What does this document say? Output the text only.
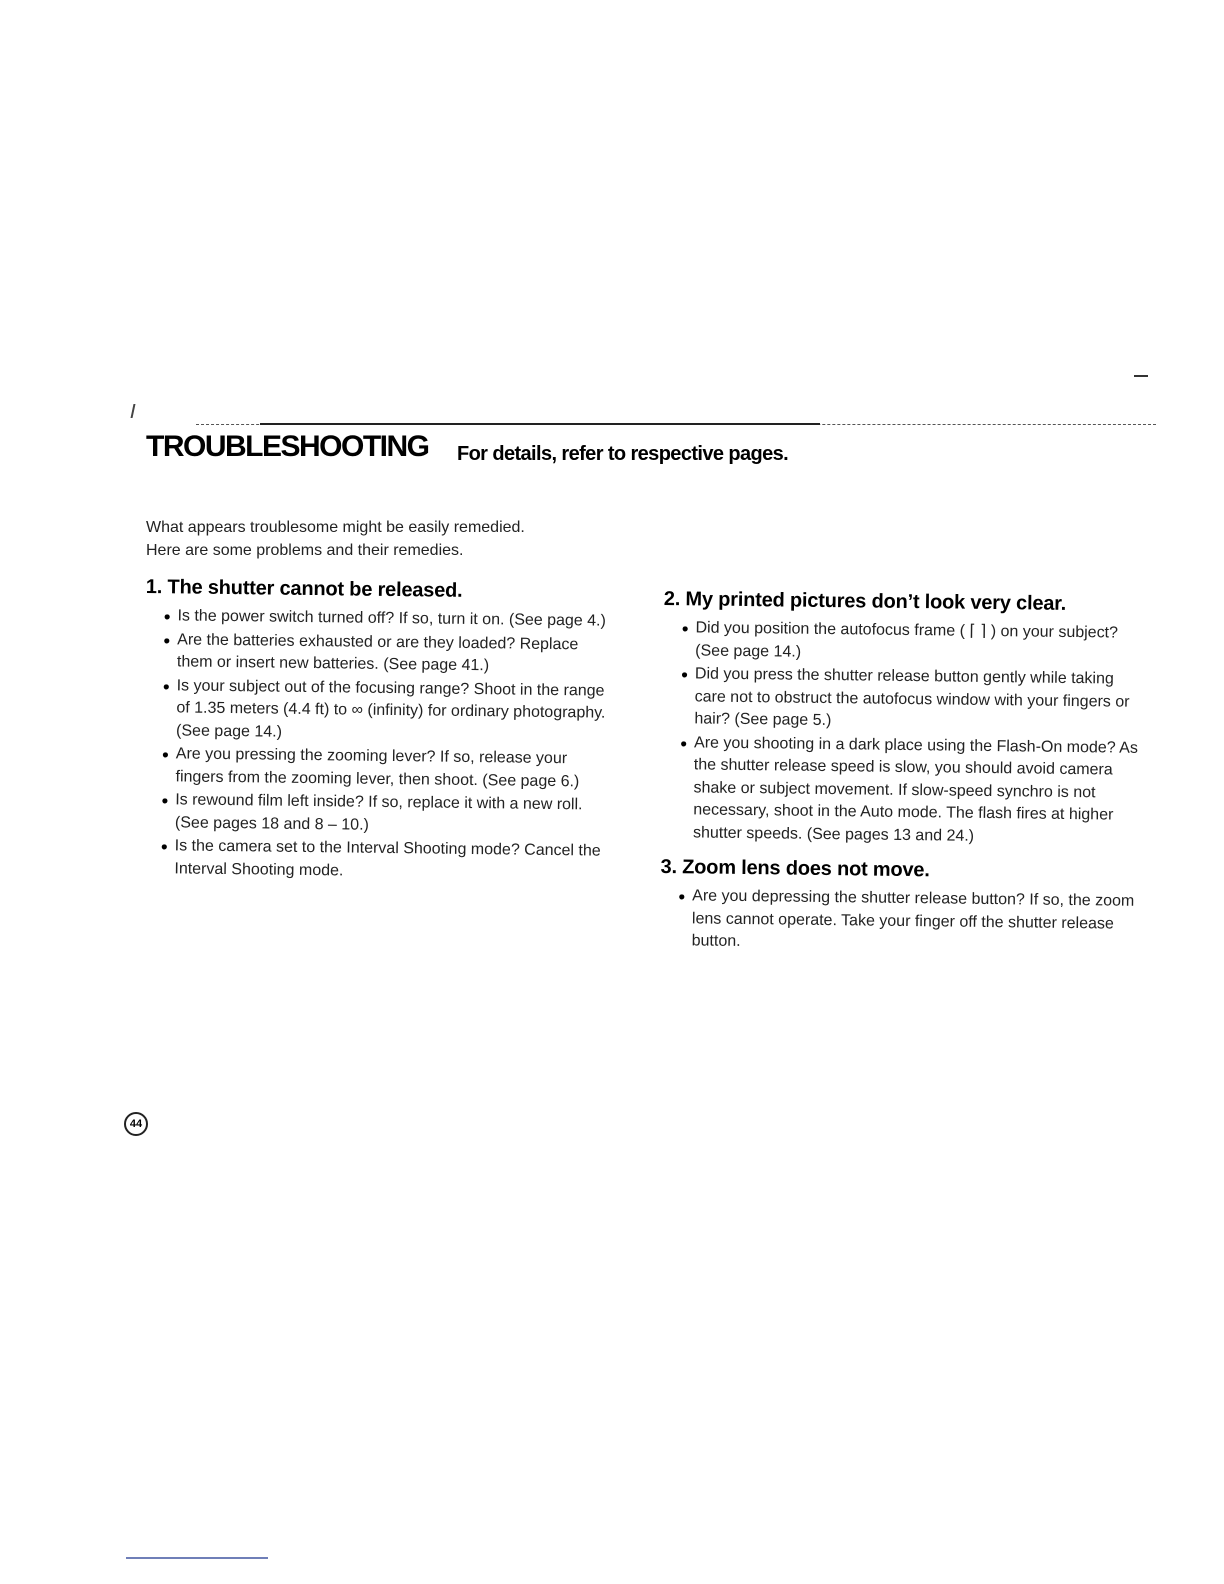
TROUBLESHOOTING For details, refer to respective pages.
What appears troublesome might be easily remedied.
Here are some problems and their remedies.
1. The shutter cannot be released.
● Is the power switch turned off? If so, turn it on. (See page 4.)
● Are the batteries exhausted or are they loaded? Replace them or insert new batteries. (See page 41.)
● Is your subject out of the focusing range? Shoot in the range of 1.35 meters (4.4 ft) to ∞ (infinity) for ordinary photography. (See page 14.)
● Are you pressing the zooming lever? If so, release your fingers from the zooming lever, then shoot. (See page 6.)
● Is rewound film left inside? If so, replace it with a new roll. (See pages 18 and 8 – 10.)
● Is the camera set to the Interval Shooting mode? Cancel the Interval Shooting mode.
2. My printed pictures don’t look very clear.
● Did you position the autofocus frame ( ⌈ ⌉ ) on your subject? (See page 14.)
● Did you press the shutter release button gently while taking care not to obstruct the autofocus window with your fingers or hair? (See page 5.)
● Are you shooting in a dark place using the Flash-On mode? As the shutter release speed is slow, you should avoid camera shake or subject movement. If slow-speed synchro is not necessary, shoot in the Auto mode. The flash fires at higher shutter speeds. (See pages 13 and 24.)
3. Zoom lens does not move.
● Are you depressing the shutter release button? If so, the zoom lens cannot operate. Take your finger off the shutter release button.
44
